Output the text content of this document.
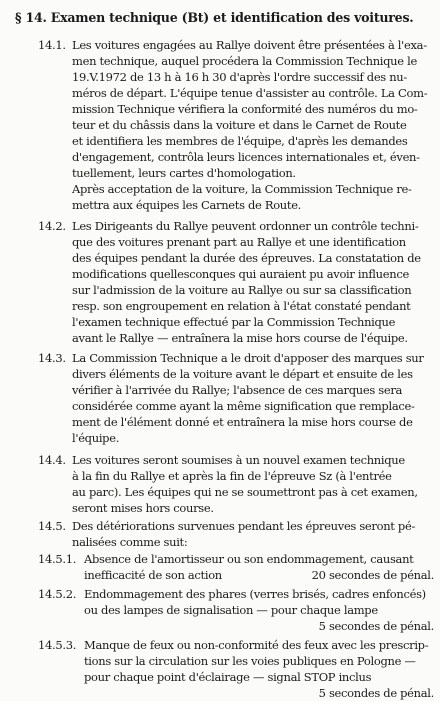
§ 14. Examen technique (Bt) et identification des voitures.
14.1. Les voitures engagées au Rallye doivent être présentées à l'exa-
men technique, auquel procédera la Commission Technique le
19.V.1972 de 13 h à 16 h 30 d'après l'ordre successif des nu-
méros de départ. L'équipe tenue d'assister au contrôle. La Com-
mission Technique vérifiera la conformité des numéros du mo-
teur et du châssis dans la voiture et dans le Carnet de Route
et identifiera les membres de l'équipe, d'après les demandes
d'engagement, contrôla leurs licences internationales et, éven-
tuellement, leurs cartes d'homologation.
Après acceptation de la voiture, la Commission Technique re-
mettra aux équipes les Carnets de Route.
14.2. Les Dirigeants du Rallye peuvent ordonner un contrôle techni-
que des voitures prenant part au Rallye et une identification
des équipes pendant la durée des épreuves. La constatation de
modifications quellesconques qui auraient pu avoir influence
sur l'admission de la voiture au Rallye ou sur sa classification
resp. son engroupement en relation à l'état constaté pendant
l'examen technique effectué par la Commission Technique
avant le Rallye — entraînera la mise hors course de l'équipe.
14.3. La Commission Technique a le droit d'apposer des marques sur
divers éléments de la voiture avant le départ et ensuite de les
vérifier à l'arrivée du Rallye; l'absence de ces marques sera
considérée comme ayant la même signification que remplace-
ment de l'élément donné et entraînera la mise hors course de
l'équipe.
14.4. Les voitures seront soumises à un nouvel examen technique
à la fin du Rallye et après la fin de l'épreuve Sz (à l'entrée
au parc). Les équipes qui ne se soumettront pas à cet examen,
seront mises hors course.
14.5. Des détériorations survenues pendant les épreuves seront pé-
nalisées comme suit:
14.5.1. Absence de l'amortisseur ou son endommagement, causant
inefficacité de son action	20 secondes de pénal.
14.5.2. Endommagement des phares (verres brisés, cadres enfoncés)
ou des lampes de signalisation — pour chaque lampe
5 secondes de pénal.
14.5.3. Manque de feux ou non-conformité des feux avec les prescrip-
tions sur la circulation sur les voies publiques en Pologne —
pour chaque point d'éclairage — signal STOP inclus
5 secondes de pénal.
